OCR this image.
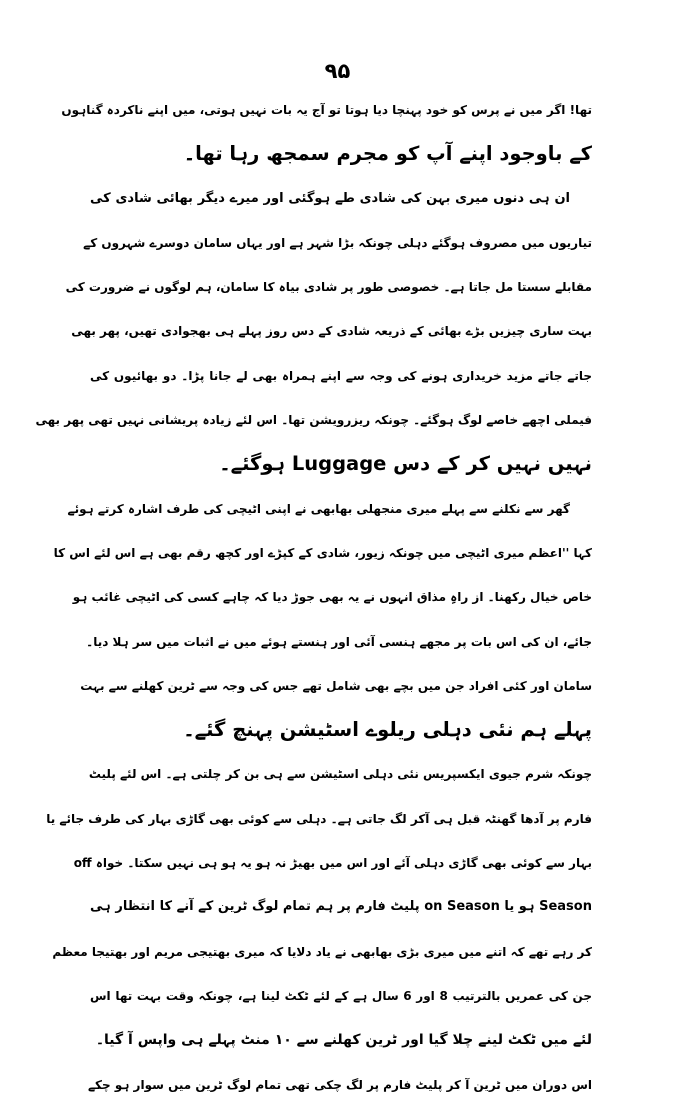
۹۵
تھا! اگر میں نے پرس کو خود پہنچا دیا ہوتا تو آج یہ بات نہیں ہوتی، میں اپنے ناکردہ گناہوں
کے باوجود اپنے آپ کو مجرم سمجھ رہا تھا۔
ان ہی دنوں میری بہن کی شادی طے ہوگئی اور میرے دیگر بھائی شادی کی
تیاریوں میں مصروف ہوگئے دہلی چونکہ بڑا شہر ہے اور یہاں سامان دوسرے شہروں کے
مقابلے سستا مل جاتا ہے۔ خصوصی طور پر شادی بیاہ کا سامان، ہم لوگوں نے ضرورت کی
بہت ساری چیزیں بڑے بھائی کے ذریعہ شادی کے دس روز پہلے ہی بھجوادی تھیں، پھر بھی
جاتے جاتے مزید خریداری ہونے کی وجہ سے اپنے ہمراہ بھی لے جانا پڑا۔ دو بھائیوں کی
فیملی اچھے خاصے لوگ ہوگئے۔ چونکہ ریزرویشن تھا۔ اس لئے زیادہ پریشانی نہیں تھی پھر بھی
نہیں نہیں کر کے دس Luggage ہوگئے۔
گھر سے نکلنے سے پہلے میری منجھلی بھابھی نے اپنی اٹیچی کی طرف اشارہ کرتے ہوئے
کہا ''اعظم میری اٹیچی میں چونکہ زیور، شادی کے کپڑے اور کچھ رقم بھی ہے اس لئے اس کا
خاص خیال رکھنا۔ از راہِ مذاق انہوں نے یہ بھی جوڑ دیا کہ چاہے کسی کی اٹیچی غائب ہو
جائے، ان کی اس بات پر مجھے ہنسی آئی اور ہنستے ہوئے میں نے اثبات میں سر ہلا دیا۔
سامان اور کئی افراد جن میں بچے بھی شامل تھے جس کی وجہ سے ٹرین کھلنے سے بہت
پہلے ہم نئی دہلی ریلوے اسٹیشن پہنچ گئے۔
چونکہ شرم جیوی ایکسپریس نئی دہلی اسٹیشن سے ہی بن کر چلتی ہے۔ اس لئے پلیٹ
فارم پر آدھا گھنٹہ قبل ہی آکر لگ جاتی ہے۔ دہلی سے کوئی بھی گاڑی بہار کی طرف جائے یا
بہار سے کوئی بھی گاڑی دہلی آئے اور اس میں بھیڑ نہ ہو یہ ہو ہی نہیں سکتا۔ خواہ off
Season ہو یا on Season پلیٹ فارم پر ہم تمام لوگ ٹرین کے آنے کا انتظار ہی
کر رہے تھے کہ اتنے میں میری بڑی بھابھی نے یاد دلایا کہ میری بھتیجی مریم اور بھتیجا معظم
جن کی عمریں بالترتیب 8 اور 6 سال ہے کے لئے ٹکٹ لینا ہے، چونکہ وقت بہت تھا اس
لئے میں ٹکٹ لینے چلا گیا اور ٹرین کھلنے سے ۱۰ منٹ پہلے ہی واپس آ گیا۔
اس دوران میں ٹرین آ کر پلیٹ فارم پر لگ چکی تھی تمام لوگ ٹرین میں سوار ہو چکے
